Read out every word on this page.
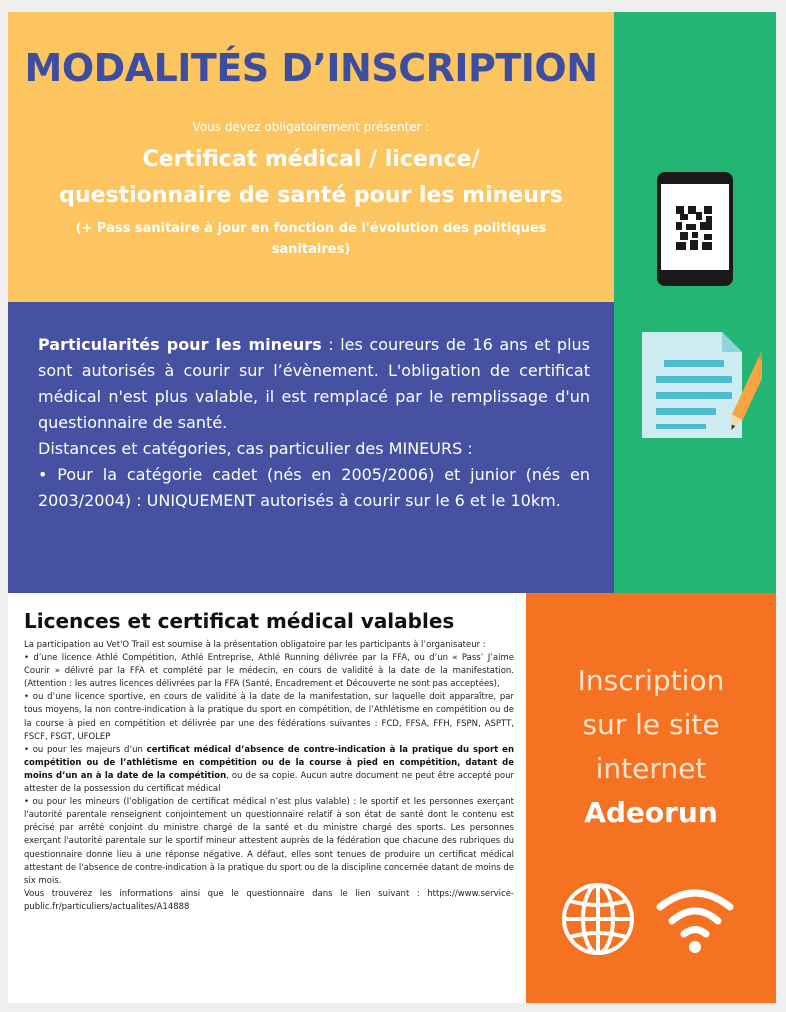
MODALITÉS D’INSCRIPTION
Vous devez obligatoirement présenter :
Certificat médical / licence/
questionnaire de santé pour les mineurs
(+ Pass sanitaire à jour en fonction de l'évolution des politiques sanitaires)

Particularités pour les mineurs : les coureurs de 16 ans et plus sont autorisés à courir sur l’évènement. L'obligation de certificat médical n'est plus valable, il est remplacé par le remplissage d'un questionnaire de santé.

Distances et catégories, cas particulier des MINEURS :

• Pour la catégorie cadet (nés en 2005/2006) et junior (nés en 2003/2004) : UNIQUEMENT autorisés à courir sur le 6 et le 10km.

Licences et certificat médical valables

La participation au Vet'O Trail est soumise à la présentation obligatoire par les participants à l’organisateur :

• d’une licence Athlé Compétition, Athlé Entreprise, Athlé Running délivrée par la FFA, ou d’un « Pass’ J’aime Courir » délivré par la FFA et complété par le médecin, en cours de validité à la date de la manifestation. (Attention : les autres licences délivrées par la FFA (Santé, Encadrement et Découverte ne sont pas acceptées),

• ou d’une licence sportive, en cours de validité à la date de la manifestation, sur laquelle doit apparaître, par tous moyens, la non contre-indication à la pratique du sport en compétition, de l’Athlétisme en compétition ou de la course à pied en compétition et délivrée par une des fédérations suivantes : FCD, FFSA, FFH, FSPN, ASPTT, FSCF, FSGT, UFOLEP

• ou pour les majeurs d’un certificat médical d’absence de contre-indication à la pratique du sport en compétition ou de l’athlétisme en compétition ou de la course à pied en compétition, datant de moins d’un an à la date de la compétition, ou de sa copie. Aucun autre document ne peut être accepté pour attester de la possession du certificat médical

• ou pour les mineurs (l’obligation de certificat médical n’est plus valable) : le sportif et les personnes exerçant l'autorité parentale renseignent conjointement un questionnaire relatif à son état de santé dont le contenu est précisé par arrêté conjoint du ministre chargé de la santé et du ministre chargé des sports. Les personnes exerçant l'autorité parentale sur le sportif mineur attestent auprès de la fédération que chacune des rubriques du questionnaire donne lieu à une réponse négative. A défaut, elles sont tenues de produire un certificat médical attestant de l'absence de contre-indication à la pratique du sport ou de la discipline concernée datant de moins de six mois.

Vous trouverez les informations ainsi que le questionnaire dans le lien suivant : https://www.service-public.fr/particuliers/actualites/A14888

Inscription
sur le site
internet
Adeorun
